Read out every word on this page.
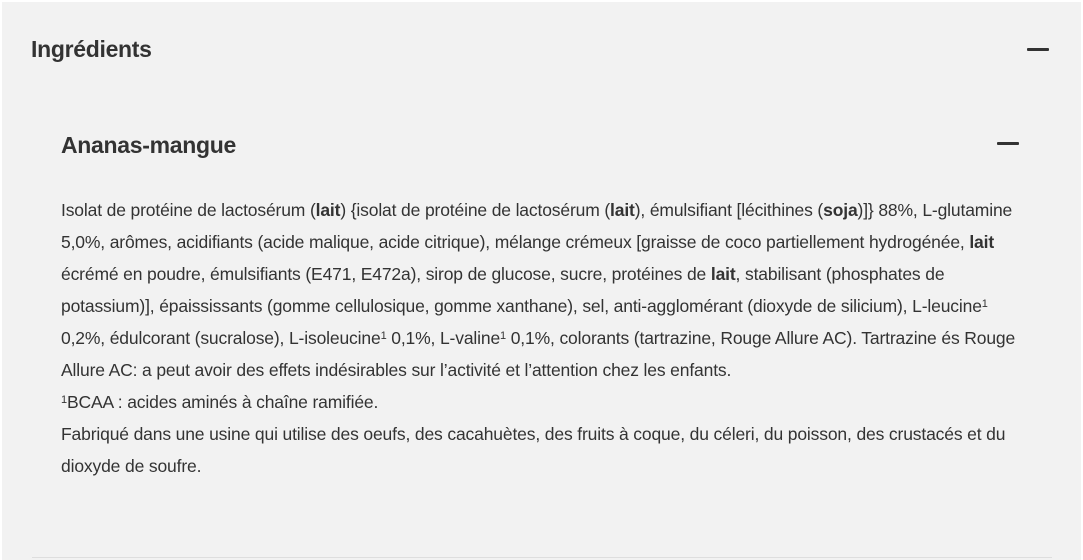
Ingrédients
Ananas-mangue

Isolat de protéine de lactosérum (lait) {isolat de protéine de lactosérum (lait), émulsifiant [lécithines (soja)]} 88%, L-glutamine 5,0%, arômes, acidifiants (acide malique, acide citrique), mélange crémeux [graisse de coco partiellement hydrogénée, lait écrémé en poudre, émulsifiants (E471, E472a), sirop de glucose, sucre, protéines de lait, stabilisant (phosphates de potassium)], épaississants (gomme cellulosique, gomme xanthane), sel, anti-agglomérant (dioxyde de silicium), L-leucine$^1$ 0,2%, édulcorant (sucralose), L-isoleucine$^1$ 0,1%, L-valine$^1$ 0,1%, colorants (tartrazine, Rouge Allure AC). Tartrazine és Rouge Allure AC: a peut avoir des effets indésirables sur l’activité et l’attention chez les enfants.

$^1$BCAA : acides aminés à chaîne ramifiée.

Fabriqué dans une usine qui utilise des oeufs, des cacahuètes, des fruits à coque, du céleri, du poisson, des crustacés et du dioxyde de soufre.
